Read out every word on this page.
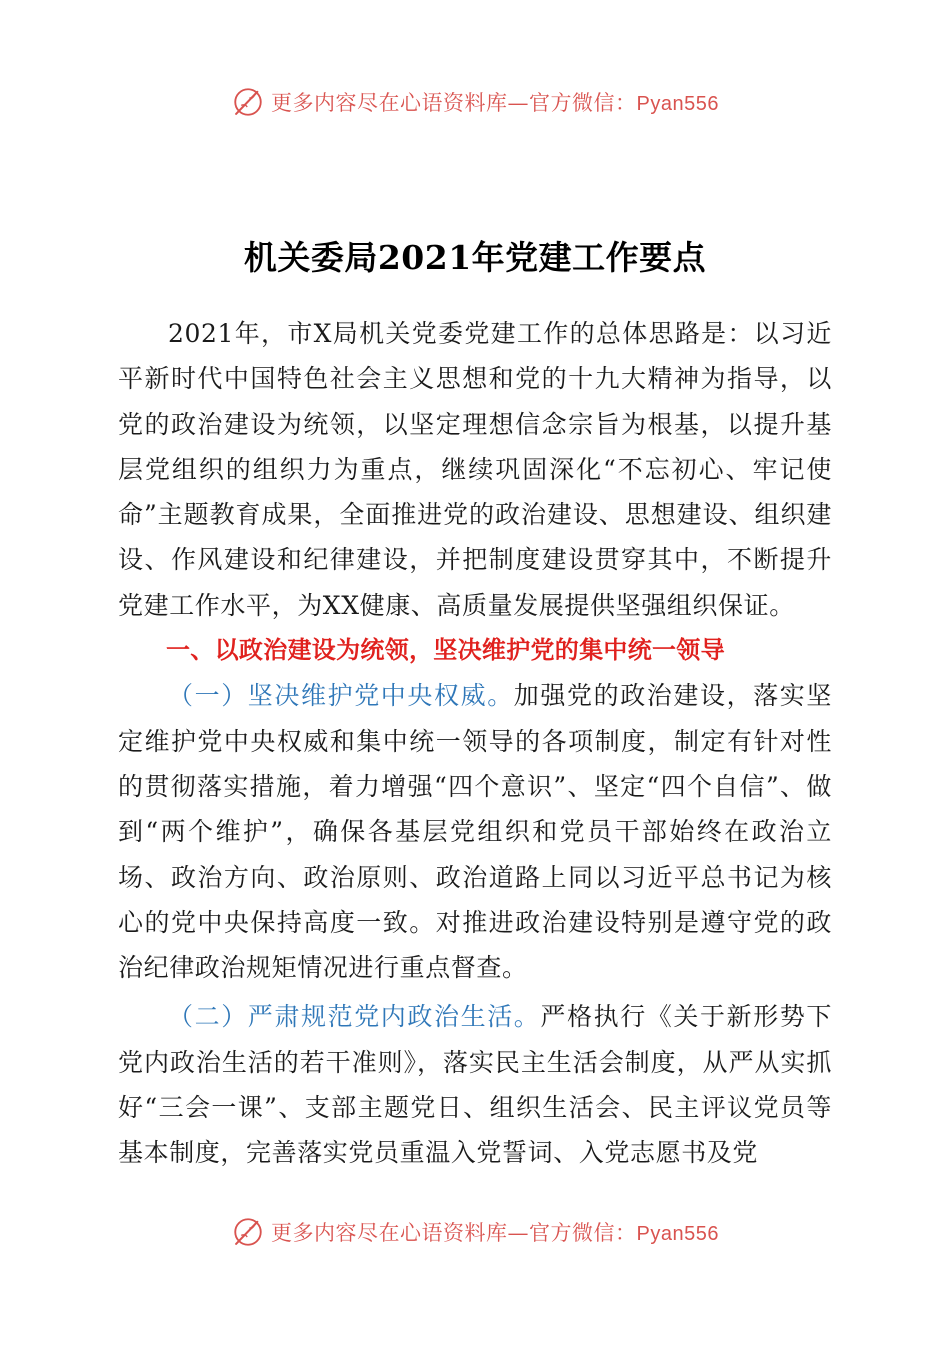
更多内容尽在心语资料库—官方微信：Pyan556
机关委局2021年党建工作要点

2021年，市X局机关党委党建工作的总体思路是：以习近平新时代中国特色社会主义思想和党的十九大精神为指导，以党的政治建设为统领，以坚定理想信念宗旨为根基，以提升基层党组织的组织力为重点，继续巩固深化“不忘初心、牢记使命”主题教育成果，全面推进党的政治建设、思想建设、组织建设、作风建设和纪律建设，并把制度建设贯穿其中，不断提升党建工作水平，为XX健康、高质量发展提供坚强组织保证。

一、以政治建设为统领，坚决维护党的集中统一领导

（一）坚决维护党中央权威。加强党的政治建设，落实坚定维护党中央权威和集中统一领导的各项制度，制定有针对性的贯彻落实措施，着力增强“四个意识”、坚定“四个自信”、做到“两个维护”，确保各基层党组织和党员干部始终在政治立场、政治方向、政治原则、政治道路上同以习近平总书记为核心的党中央保持高度一致。对推进政治建设特别是遵守党的政治纪律政治规矩情况进行重点督查。

（二）严肃规范党内政治生活。严格执行《关于新形势下党内政治生活的若干准则》，落实民主生活会制度，从严从实抓好“三会一课”、支部主题党日、组织生活会、民主评议党员等基本制度，完善落实党员重温入党誓词、入党志愿书及党

更多内容尽在心语资料库—官方微信：Pyan556
